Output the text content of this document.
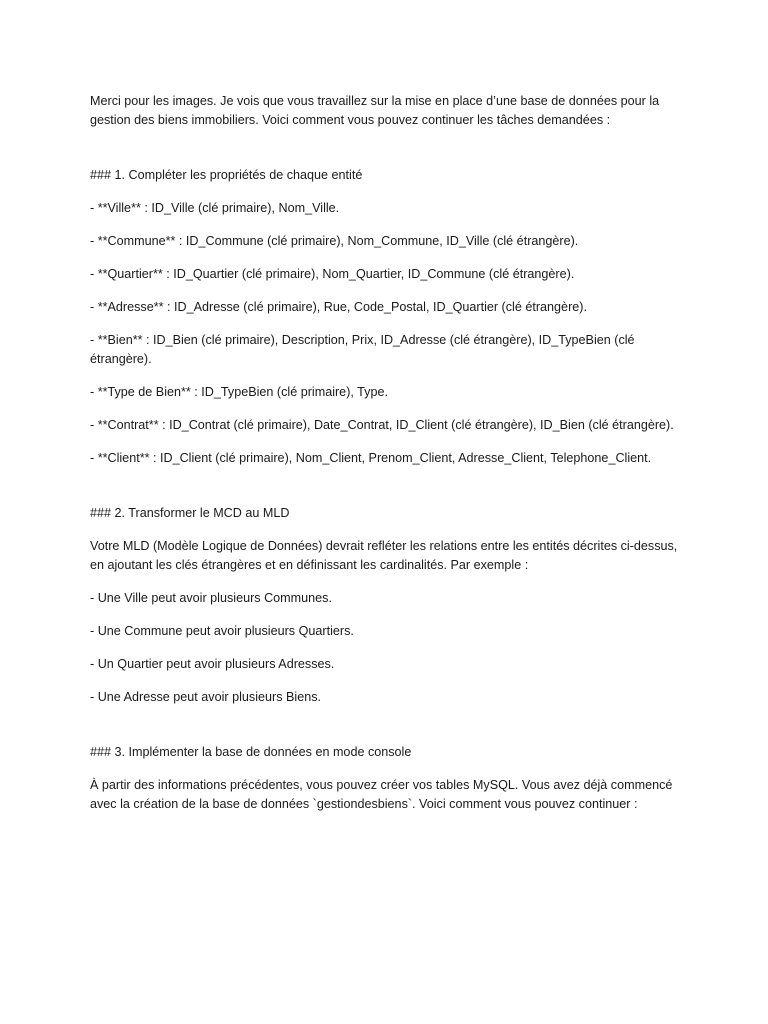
Merci pour les images. Je vois que vous travaillez sur la mise en place d’une base de données pour la gestion des biens immobiliers. Voici comment vous pouvez continuer les tâches demandées :

### 1. Compléter les propriétés de chaque entité

- **Ville** : ID_Ville (clé primaire), Nom_Ville.

- **Commune** : ID_Commune (clé primaire), Nom_Commune, ID_Ville (clé étrangère).

- **Quartier** : ID_Quartier (clé primaire), Nom_Quartier, ID_Commune (clé étrangère).

- **Adresse** : ID_Adresse (clé primaire), Rue, Code_Postal, ID_Quartier (clé étrangère).

- **Bien** : ID_Bien (clé primaire), Description, Prix, ID_Adresse (clé étrangère), ID_TypeBien (clé étrangère).

- **Type de Bien** : ID_TypeBien (clé primaire), Type.

- **Contrat** : ID_Contrat (clé primaire), Date_Contrat, ID_Client (clé étrangère), ID_Bien (clé étrangère).

- **Client** : ID_Client (clé primaire), Nom_Client, Prenom_Client, Adresse_Client, Telephone_Client.

### 2. Transformer le MCD au MLD

Votre MLD (Modèle Logique de Données) devrait refléter les relations entre les entités décrites ci-dessus, en ajoutant les clés étrangères et en définissant les cardinalités. Par exemple :

- Une Ville peut avoir plusieurs Communes.

- Une Commune peut avoir plusieurs Quartiers.

- Un Quartier peut avoir plusieurs Adresses.

- Une Adresse peut avoir plusieurs Biens.

### 3. Implémenter la base de données en mode console

À partir des informations précédentes, vous pouvez créer vos tables MySQL. Vous avez déjà commencé avec la création de la base de données `gestiondesbiens`. Voici comment vous pouvez continuer :
